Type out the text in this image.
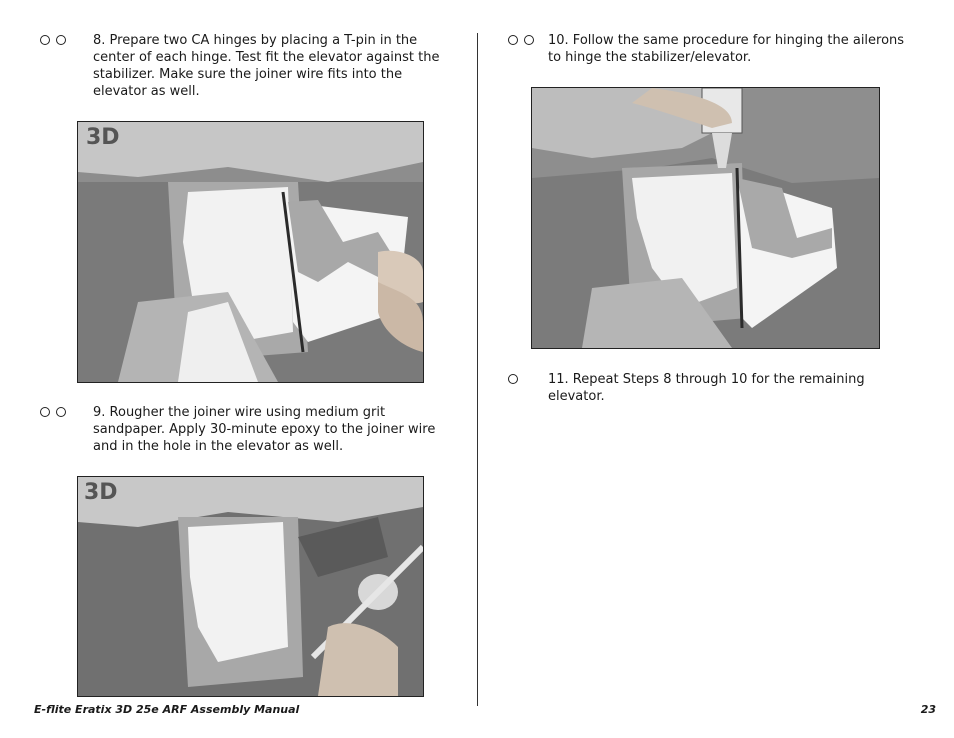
8. Prepare two CA hinges by placing a T-pin in the center of each hinge. Test fit the elevator against the stabilizer. Make sure the joiner wire fits into the elevator as well.
3D
9. Rougher the joiner wire using medium grit sandpaper. Apply 30-minute epoxy to the joiner wire and in the hole in the elevator as well.
3D
10. Follow the same procedure for hinging the ailerons to hinge the stabilizer/elevator.
11. Repeat Steps 8 through 10 for the remaining elevator.
E-flite Eratix 3D 25e ARF Assembly Manual	23
